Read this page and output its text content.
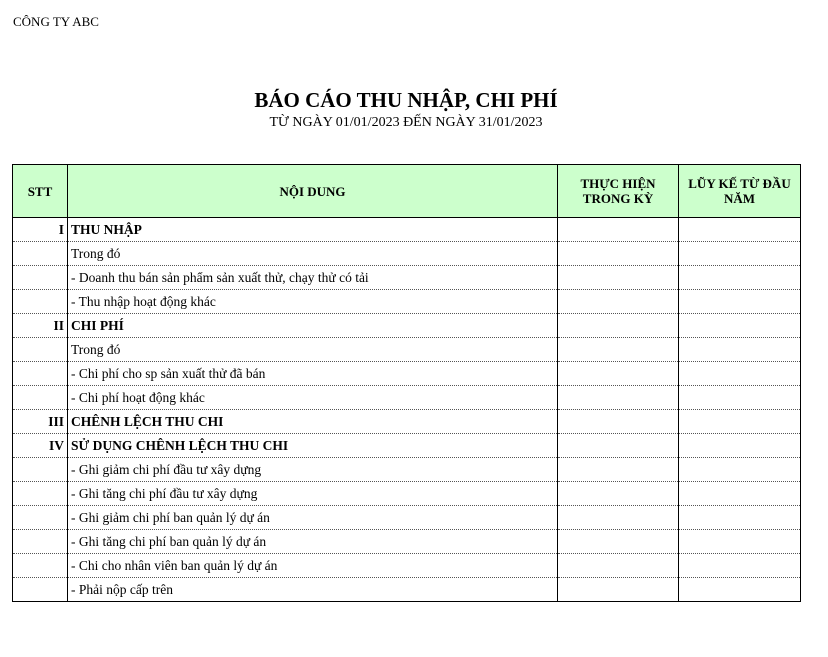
CÔNG TY ABC
BÁO CÁO THU NHẬP, CHI PHÍ
TỪ NGÀY 01/01/2023 ĐẾN NGÀY 31/01/2023
STT	NỘI DUNG	THỰC HIỆN TRONG KỲ	LŨY KẾ TỪ ĐẦU NĂM
I	THU NHẬP		
	Trong đó		
	- Doanh thu bán sản phẩm sản xuất thử, chạy thử có tải		
	- Thu nhập hoạt động khác		
II	CHI PHÍ		
	Trong đó		
	- Chi phí cho sp sản xuất thử đã bán		
	- Chi phí hoạt động khác		
III	CHÊNH LỆCH THU CHI		
IV	SỬ DỤNG CHÊNH LỆCH THU CHI		
	- Ghi giảm chi phí đầu tư xây dựng		
	- Ghi tăng chi phí đầu tư xây dựng		
	- Ghi giảm chi phí ban quản lý dự án		
	- Ghi tăng chi phí ban quản lý dự án		
	- Chi cho nhân viên ban quản lý dự án		
	- Phải nộp cấp trên		
